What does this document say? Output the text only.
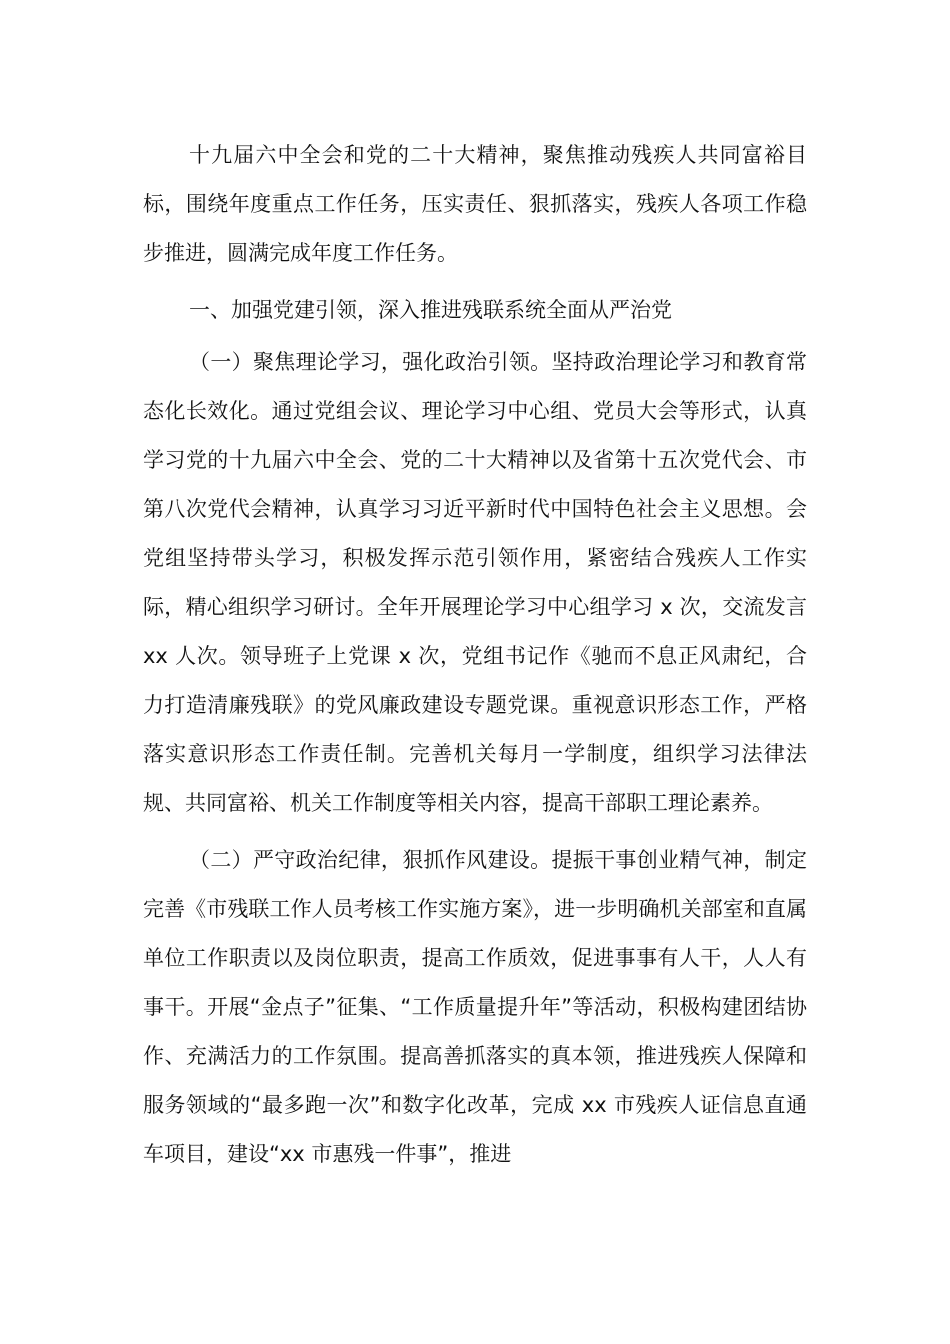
十九届六中全会和党的二十大精神，聚焦推动残疾人共同富裕目标，围绕年度重点工作任务，压实责任、狠抓落实，残疾人各项工作稳步推进，圆满完成年度工作任务。

一、加强党建引领，深入推进残联系统全面从严治党

（一）聚焦理论学习，强化政治引领。坚持政治理论学习和教育常态化长效化。通过党组会议、理论学习中心组、党员大会等形式，认真学习党的十九届六中全会、党的二十大精神以及省第十五次党代会、市第八次党代会精神，认真学习习近平新时代中国特色社会主义思想。会党组坚持带头学习，积极发挥示范引领作用，紧密结合残疾人工作实际，精心组织学习研讨。全年开展理论学习中心组学习 x 次，交流发言 xx 人次。领导班子上党课 x 次，党组书记作《驰而不息正风肃纪，合力打造清廉残联》的党风廉政建设专题党课。重视意识形态工作，严格落实意识形态工作责任制。完善机关每月一学制度，组织学习法律法规、共同富裕、机关工作制度等相关内容，提高干部职工理论素养。

（二）严守政治纪律，狠抓作风建设。提振干事创业精气神，制定完善《市残联工作人员考核工作实施方案》，进一步明确机关部室和直属单位工作职责以及岗位职责，提高工作质效，促进事事有人干，人人有事干。开展“金点子”征集、“工作质量提升年”等活动，积极构建团结协作、充满活力的工作氛围。提高善抓落实的真本领，推进残疾人保障和服务领域的“最多跑一次”和数字化改革，完成 xx 市残疾人证信息直通车项目，建设“xx 市惠残一件事”，推进
